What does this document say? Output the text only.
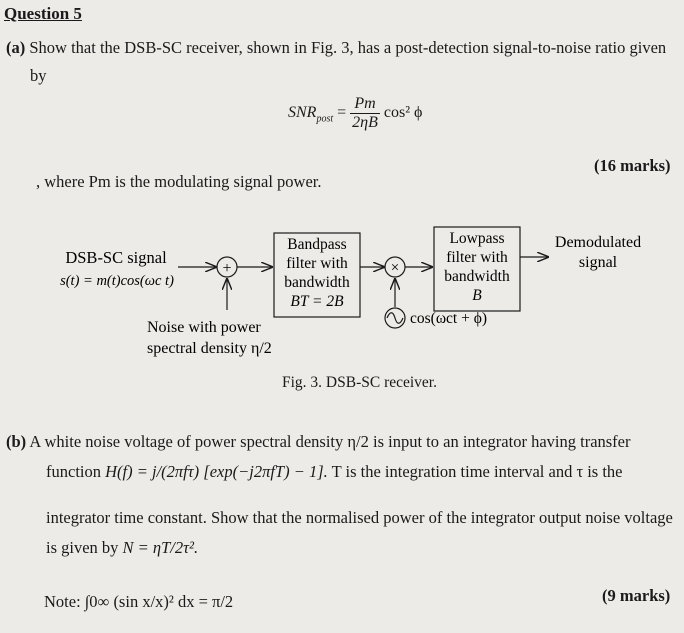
Question 5
(a) Show that the DSB-SC receiver, shown in Fig. 3, has a post-detection signal-to-noise ratio given
by
$SNR_{post} = \frac{Pm}{2\eta B} \cos^2$ ϕ
, where Pm is the modulating signal power.
(16 marks)
DSB-SC signal
s(t) = m(t)cos(ωc t)
+
Noise with power
spectral density η/2
Bandpass
filter with
bandwidth
BT = 2B
×
cos(ωct + ϕ)
Lowpass
filter with
bandwidth
B
Demodulated
signal
Fig. 3. DSB-SC receiver.
(b) A white noise voltage of power spectral density η/2 is input to an integrator having transfer
function H(f) = j/(2πfτ) [exp(−j2πfT) − 1]. T is the integration time interval and τ is the
integrator time constant. Show that the normalised power of the integrator output noise voltage
is given by N = ηT/2τ².
Note: ∫0∞ (sin x/x)² dx = π/2	(9 marks)
